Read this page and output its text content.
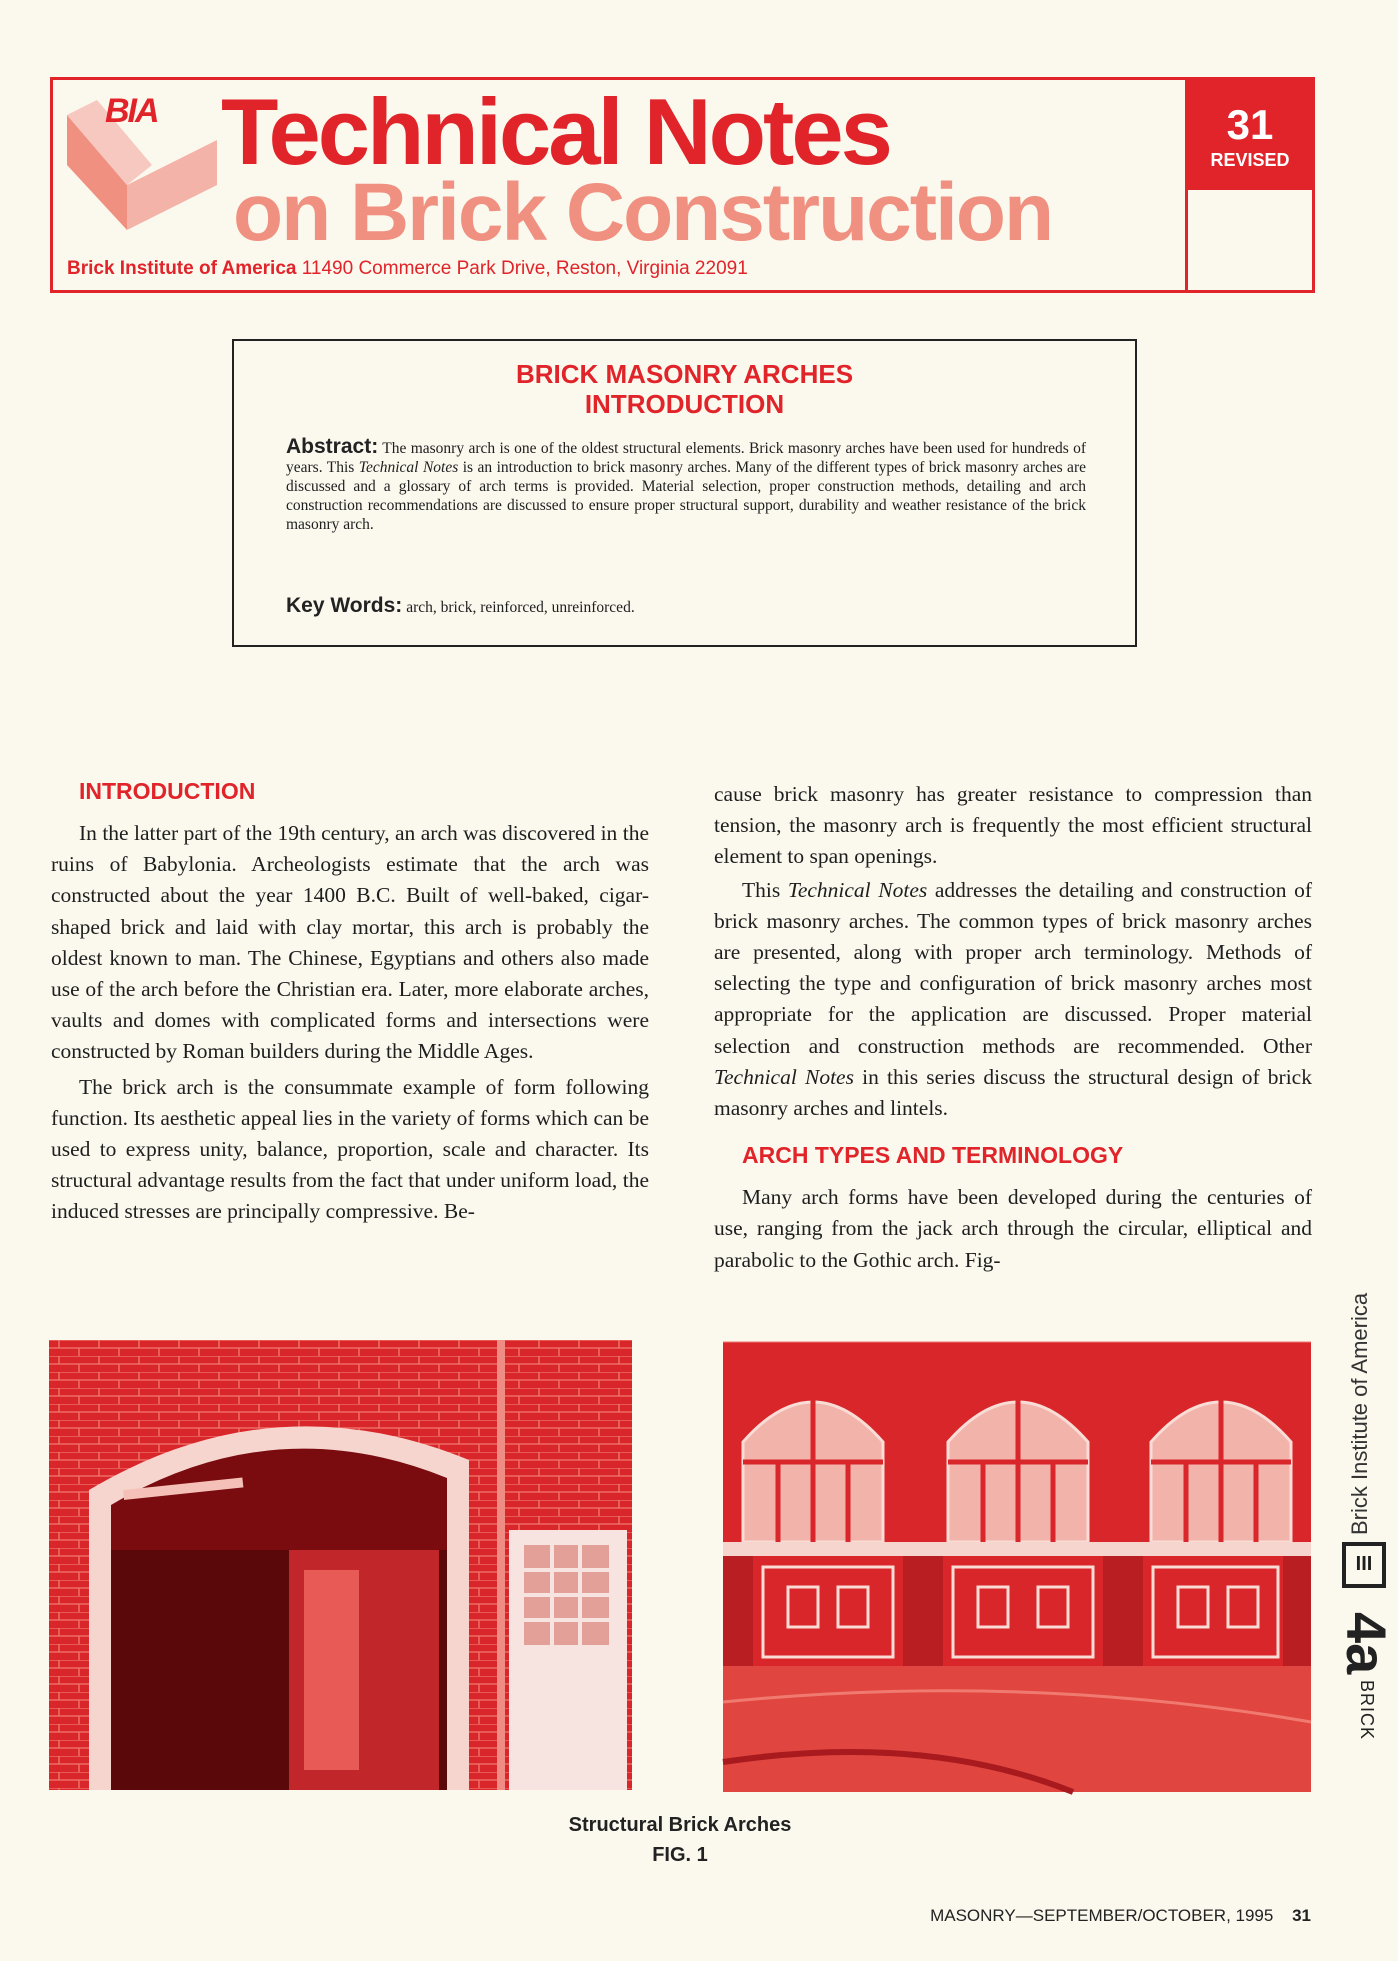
BIA Technical Notes
on Brick Construction
Brick Institute of America 11490 Commerce Park Drive, Reston, Virginia 22091
31
REVISED
BRICK MASONRY ARCHES
INTRODUCTION
Abstract: The masonry arch is one of the oldest structural elements. Brick masonry arches have been used for hundreds of years. This Technical Notes is an introduction to brick masonry arches. Many of the different types of brick masonry arches are discussed and a glossary of arch terms is provided. Material selection, proper construction methods, detailing and arch construction recommendations are discussed to ensure proper structural support, durability and weather resistance of the brick masonry arch.
Key Words: arch, brick, reinforced, unreinforced.

INTRODUCTION

In the latter part of the 19th century, an arch was discovered in the ruins of Babylonia. Archeologists estimate that the arch was constructed about the year 1400 B.C. Built of well-baked, cigar-shaped brick and laid with clay mortar, this arch is probably the oldest known to man. The Chinese, Egyptians and others also made use of the arch before the Christian era. Later, more elaborate arches, vaults and domes with complicated forms and intersections were constructed by Roman builders during the Middle Ages.

The brick arch is the consummate example of form following function. Its aesthetic appeal lies in the variety of forms which can be used to express unity, balance, proportion, scale and character. Its structural advantage results from the fact that under uniform load, the induced stresses are principally compressive. Be-

cause brick masonry has greater resistance to compression than tension, the masonry arch is frequently the most efficient structural element to span openings.

This Technical Notes addresses the detailing and construction of brick masonry arches. The common types of brick masonry arches are presented, along with proper arch terminology. Methods of selecting the type and configuration of brick masonry arches most appropriate for the application are discussed. Proper material selection and construction methods are recommended. Other Technical Notes in this series discuss the structural design of brick masonry arches and lintels.

ARCH TYPES AND TERMINOLOGY

Many arch forms have been developed during the centuries of use, ranging from the jack arch through the circular, elliptical and parabolic to the Gothic arch. Fig-

Structural Brick Arches
FIG. 1
MASONRY—SEPTEMBER/OCTOBER, 1995 31
Brick Institute of America
III
4a
BRICK
